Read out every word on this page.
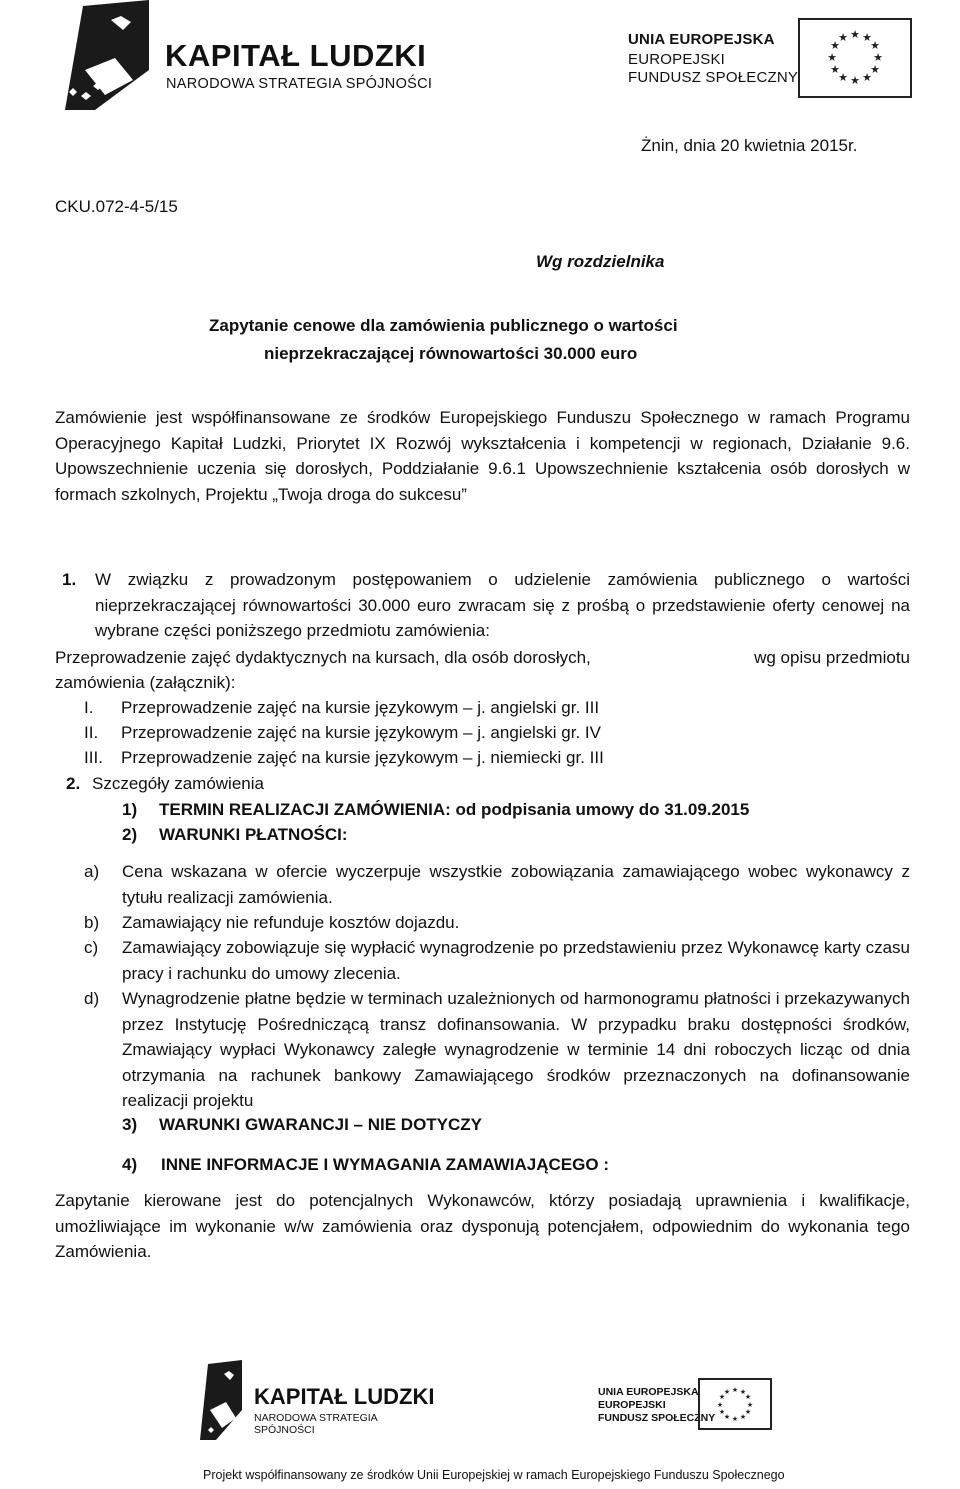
KAPITAŁ LUDZKI
NARODOWA STRATEGIA SPÓJNOŚCI
UNIA EUROPEJSKA
EUROPEJSKI
FUNDUSZ SPOŁECZNY
★ ★
★
★
★
★
★
★
★
★
★
★
Żnin, dnia 20 kwietnia 2015r.
CKU.072-4-5/15
Wg rozdzielnika
Zapytanie cenowe dla zamówienia publicznego o wartości
nieprzekraczającej równowartości 30.000 euro
Zamówienie jest współfinansowane ze środków Europejskiego Funduszu Społecznego w ramach Programu Operacyjnego Kapitał Ludzki, Priorytet IX Rozwój wykształcenia i kompetencji w regionach, Działanie 9.6. Upowszechnienie uczenia się dorosłych, Poddziałanie 9.6.1 Upowszechnienie kształcenia osób dorosłych w formach szkolnych, Projektu „Twoja droga do sukcesu”
1. W związku z prowadzonym postępowaniem o udzielenie zamówienia publicznego o wartości nieprzekraczającej równowartości 30.000 euro zwracam się z prośbą o przedstawienie oferty cenowej na wybrane części poniższego przedmiotu zamówienia:
Przeprowadzenie zajęć dydaktycznych na kursach, dla osób dorosłych,	wg opisu przedmiotu
zamówienia (załącznik):
I. Przeprowadzenie zajęć na kursie językowym – j. angielski gr. III
II. Przeprowadzenie zajęć na kursie językowym – j. angielski gr. IV
III. Przeprowadzenie zajęć na kursie językowym – j. niemiecki gr. III
2. Szczegóły zamówienia
1) TERMIN REALIZACJI ZAMÓWIENIA: od podpisania umowy do 31.09.2015
2) WARUNKI PŁATNOŚCI:
a) Cena wskazana w ofercie wyczerpuje wszystkie zobowiązania zamawiającego wobec wykonawcy z tytułu realizacji zamówienia.
b) Zamawiający nie refunduje kosztów dojazdu.
c) Zamawiający zobowiązuje się wypłacić wynagrodzenie po przedstawieniu przez Wykonawcę karty czasu pracy i rachunku do umowy zlecenia.
d) Wynagrodzenie płatne będzie w terminach uzależnionych od harmonogramu płatności i przekazywanych przez Instytucję Pośredniczącą transz dofinansowania. W przypadku braku dostępności środków, Zmawiający wypłaci Wykonawcy zaległe wynagrodzenie w terminie 14 dni roboczych licząc od dnia otrzymania na rachunek bankowy Zamawiającego środków przeznaczonych na dofinansowanie realizacji projektu
3) WARUNKI GWARANCJI – NIE DOTYCZY
4) INNE INFORMACJE I WYMAGANIA ZAMAWIAJĄCEGO :
Zapytanie kierowane jest do potencjalnych Wykonawców, którzy posiadają uprawnienia i kwalifikacje, umożliwiające im wykonanie w/w zamówienia oraz dysponują potencjałem, odpowiednim do wykonania tego Zamówienia.
KAPITAŁ LUDZKI
NARODOWA STRATEGIA SPÓJNOŚCI
UNIA EUROPEJSKA
EUROPEJSKI
FUNDUSZ SPOŁECZNY
★ ★
★
★
★
★
★
★
★
★
★
★
Projekt współfinansowany ze środków Unii Europejskiej w ramach Europejskiego Funduszu Społecznego
